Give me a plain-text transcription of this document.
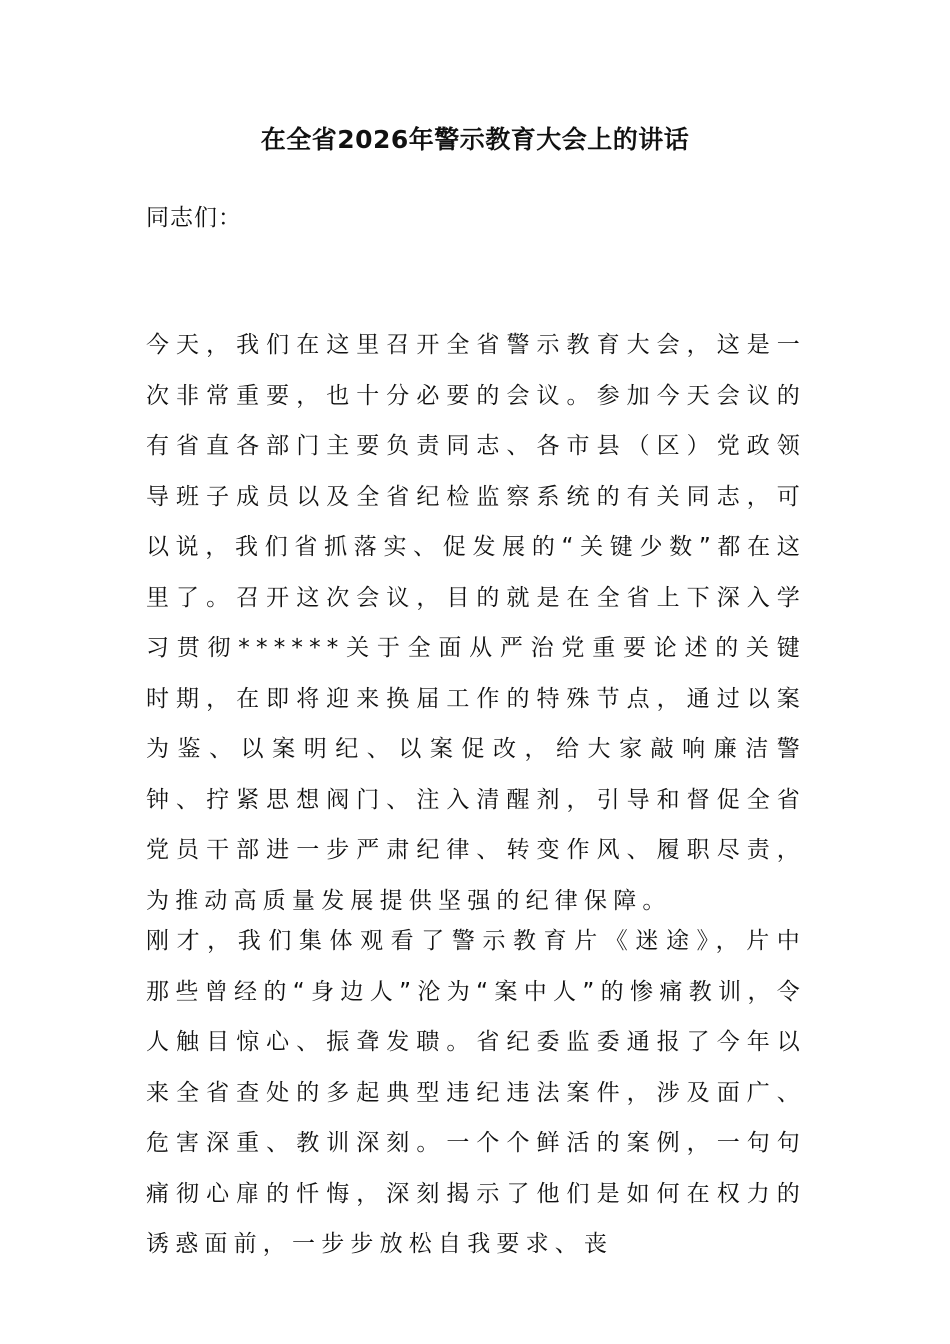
在全省2026年警示教育大会上的讲话

同志们：

今天，我们在这里召开全省警示教育大会，这是一次非常重要，也十分必要的会议。参加今天会议的有省直各部门主要负责同志、各市县（区）党政领导班子成员以及全省纪检监察系统的有关同志，可以说，我们省抓落实、促发展的“关键少数”都在这里了。召开这次会议，目的就是在全省上下深入学习贯彻******关于全面从严治党重要论述的关键时期，在即将迎来换届工作的特殊节点，通过以案为鉴、以案明纪、以案促改，给大家敲响廉洁警钟、拧紧思想阀门、注入清醒剂，引导和督促全省党员干部进一步严肃纪律、转变作风、履职尽责，为推动高质量发展提供坚强的纪律保障。

刚才，我们集体观看了警示教育片《迷途》，片中那些曾经的“身边人”沦为“案中人”的惨痛教训，令人触目惊心、振聋发聩。省纪委监委通报了今年以来全省查处的多起典型违纪违法案件，涉及面广、危害深重、教训深刻。一个个鲜活的案例，一句句痛彻心扉的忏悔，深刻揭示了他们是如何在权力的诱惑面前，一步步放松自我要求、丧
